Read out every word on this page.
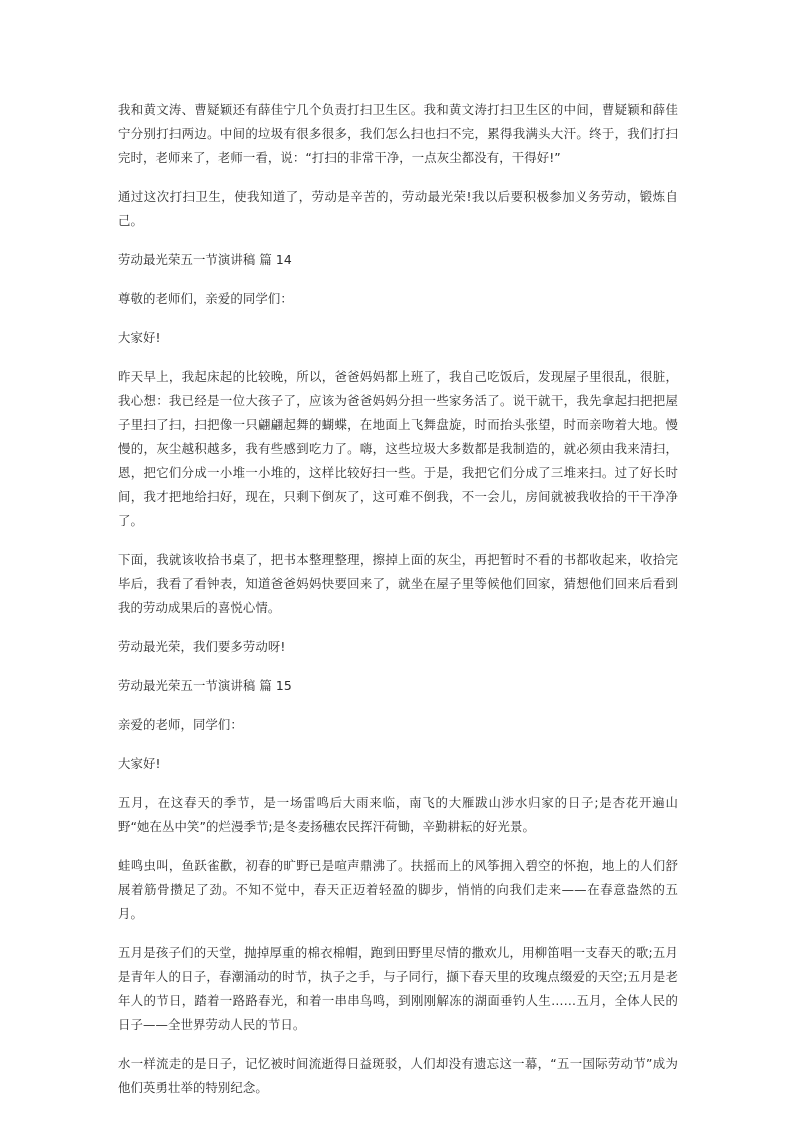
我和黄文涛、曹疑颖还有薛佳宁几个负责打扫卫生区。我和黄文涛打扫卫生区的中间，曹疑颖和薛佳宁分别打扫两边。中间的垃圾有很多很多，我们怎么扫也扫不完，累得我满头大汗。终于，我们打扫完时，老师来了，老师一看，说：“打扫的非常干净，一点灰尘都没有，干得好!”

通过这次打扫卫生，使我知道了，劳动是辛苦的，劳动最光荣!我以后要积极参加义务劳动，锻炼自己。

劳动最光荣五一节演讲稿 篇 14

尊敬的老师们，亲爱的同学们：

大家好!

昨天早上，我起床起的比较晚，所以，爸爸妈妈都上班了，我自己吃饭后，发现屋子里很乱，很脏，我心想：我已经是一位大孩子了，应该为爸爸妈妈分担一些家务活了。说干就干，我先拿起扫把把屋子里扫了扫，扫把像一只翩翩起舞的蝴蝶，在地面上飞舞盘旋，时而抬头张望，时而亲吻着大地。慢慢的，灰尘越积越多，我有些感到吃力了。嗨，这些垃圾大多数都是我制造的，就必须由我来清扫，恩，把它们分成一小堆一小堆的，这样比较好扫一些。于是，我把它们分成了三堆来扫。过了好长时间，我才把地给扫好，现在，只剩下倒灰了，这可难不倒我，不一会儿，房间就被我收拾的干干净净了。

下面，我就该收拾书桌了，把书本整理整理，擦掉上面的灰尘，再把暂时不看的书都收起来，收拾完毕后，我看了看钟表，知道爸爸妈妈快要回来了，就坐在屋子里等候他们回家，猜想他们回来后看到我的劳动成果后的喜悦心情。

劳动最光荣，我们要多劳动呀!

劳动最光荣五一节演讲稿 篇 15

亲爱的老师，同学们：

大家好!

五月，在这春天的季节，是一场雷鸣后大雨来临，南飞的大雁跋山涉水归家的日子;是杏花开遍山野“她在丛中笑”的烂漫季节;是冬麦扬穗农民挥汗荷锄，辛勤耕耘的好光景。

蛙鸣虫叫，鱼跃雀歡，初春的旷野已是喧声鼎沸了。扶摇而上的风筝拥入碧空的怀抱，地上的人们舒展着筋骨攒足了劲。不知不觉中，春天正迈着轻盈的脚步，悄悄的向我们走来——在春意盎然的五月。

五月是孩子们的天堂，抛掉厚重的棉衣棉帽，跑到田野里尽情的撒欢儿，用柳笛唱一支春天的歌;五月是青年人的日子，春潮涌动的时节，执子之手，与子同行，撷下春天里的玫瑰点缀爱的天空;五月是老年人的节日，踏着一路路春光，和着一串串鸟鸣，到刚刚解冻的湖面垂钓人生……五月，全体人民的日子——全世界劳动人民的节日。

水一样流走的是日子，记忆被时间流逝得日益斑驳，人们却没有遗忘这一幕，“五一国际劳动节”成为他们英勇壮举的特别纪念。
